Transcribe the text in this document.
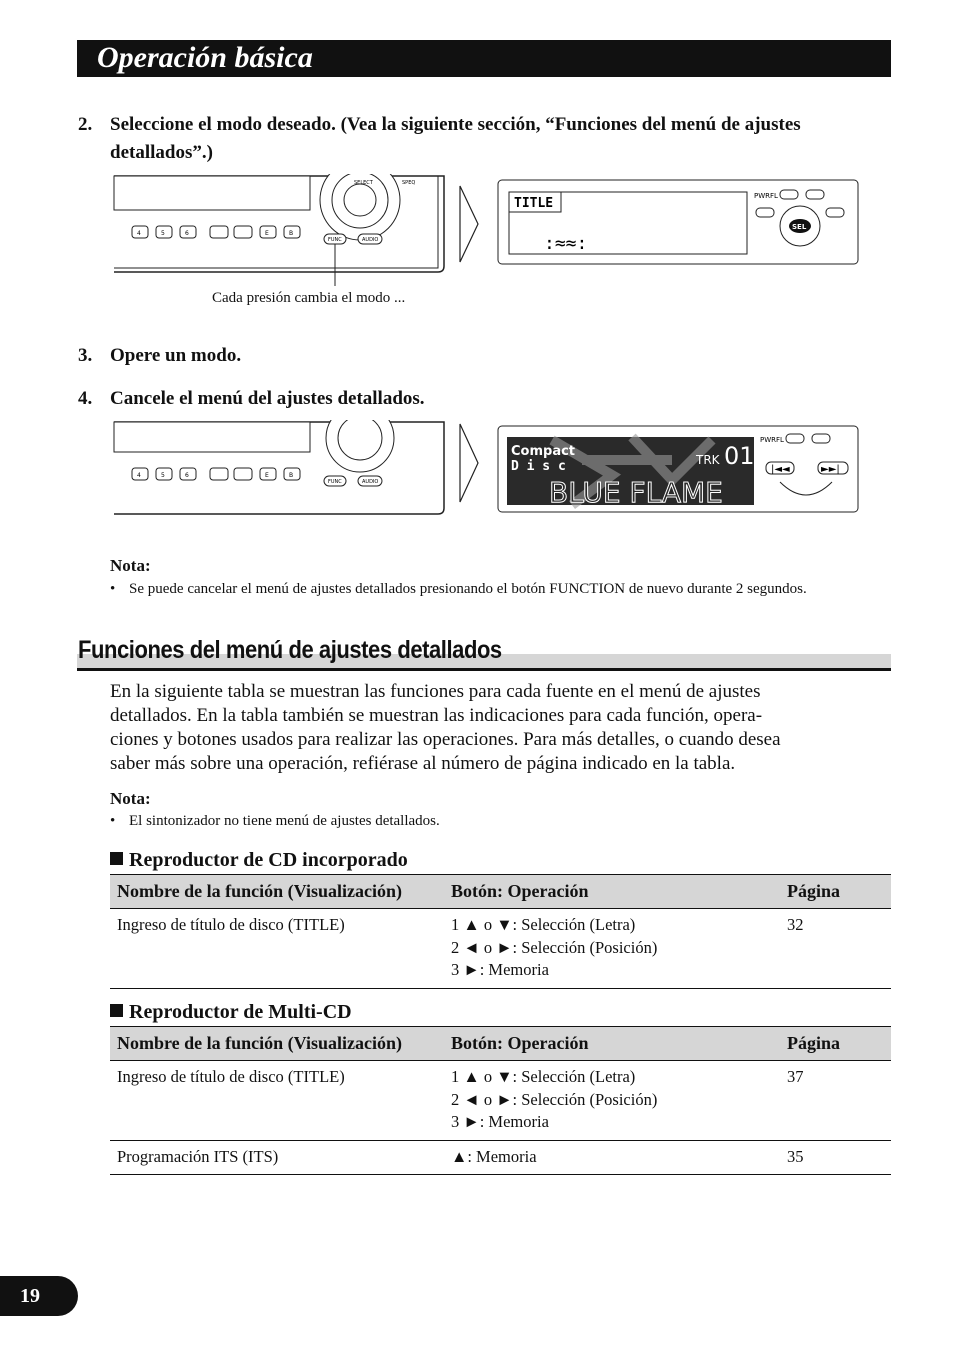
Operación básica
2. Seleccione el modo deseado. (Vea la siguiente sección, “Funciones del menú de ajustes detallados”.)
SELECT	SPEQ
4	5	6	E	B
FUNC	AUDIO
TITLE
:≈≈:
PWRFL
SEL
Cada presión cambia el modo ...
3. Opere un modo.
4. Cancele el menú del ajustes detallados.
4	5	6	E	B
FUNC	AUDIO
Compact
D i s c	TRK 01
BLUE FLAME
PWRFL
|◄◄	►►|
Nota:
• Se puede cancelar el menú de ajustes detallados presionando el botón FUNCTION de nuevo durante 2 segundos.
Funciones del menú de ajustes detallados
En la siguiente tabla se muestran las funciones para cada fuente en el menú de ajustes
detallados. En la tabla también se muestran las indicaciones para cada función, opera-
ciones y botones usados para realizar las operaciones. Para más detalles, o cuando desea
saber más sobre una operación, refiérase al número de página indicado en la tabla.
Nota:
• El sintonizador no tiene menú de ajustes detallados.
Reproductor de CD incorporado
Nombre de la función (Visualización)	Botón: Operación	Página
Ingreso de título de disco (TITLE)	1 ▲ o ▼: Selección (Letra)
2 ◄ o ►: Selección (Posición)
3 ►: Memoria	32
Reproductor de Multi-CD
Nombre de la función (Visualización)	Botón: Operación	Página
Ingreso de título de disco (TITLE)	1 ▲ o ▼: Selección (Letra)
2 ◄ o ►: Selección (Posición)
3 ►: Memoria	37
Programación ITS (ITS)	▲: Memoria	35
19
